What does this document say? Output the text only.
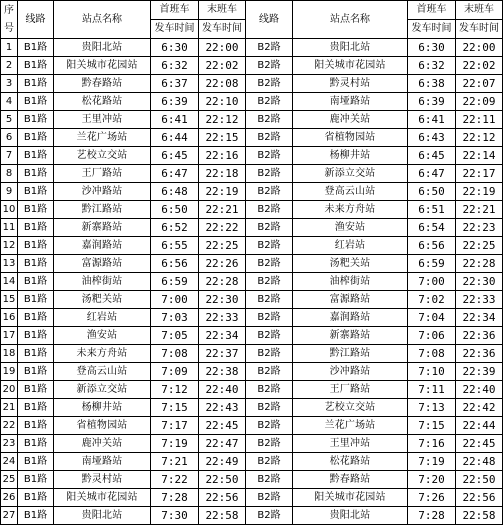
序
号	线路	站点名称	首班车	末班车	线路	站点名称	首班车	末班车
			发车时间	发车时间			发车时间	发车时间
1	B1路	贵阳北站	6:30	22:00	B2路	贵阳北站	6:30	22:00
2	B1路	阳关城市花园站	6:32	22:02	B2路	阳关城市花园站	6:32	22:02
3	B1路	黔春路站	6:37	22:08	B2路	黔灵村站	6:38	22:07
4	B1路	松花路站	6:39	22:10	B2路	南垭路站	6:39	22:09
5	B1路	王里冲站	6:41	22:12	B2路	鹿冲关站	6:41	22:11
6	B1路	兰花广场站	6:44	22:15	B2路	省植物园站	6:43	22:12
7	B1路	艺校立交站	6:45	22:16	B2路	杨柳井站	6:45	22:14
8	B1路	王厂路站	6:47	22:18	B2路	新添立交站	6:47	22:17
9	B1路	沙冲路站	6:48	22:19	B2路	登高云山站	6:50	22:19
10	B1路	黔江路站	6:50	22:21	B2路	未来方舟站	6:51	22:21
11	B1路	新寨路站	6:52	22:22	B2路	渔安站	6:54	22:23
12	B1路	嘉润路站	6:55	22:25	B2路	红岩站	6:56	22:25
13	B1路	富源路站	6:56	22:26	B2路	汤粑关站	6:59	22:28
14	B1路	油榨街站	6:59	22:28	B2路	油榨街站	7:00	22:30
15	B1路	汤粑关站	7:00	22:30	B2路	富源路站	7:02	22:33
16	B1路	红岩站	7:03	22:33	B2路	嘉润路站	7:04	22:34
17	B1路	渔安站	7:05	22:34	B2路	新寨路站	7:06	22:36
18	B1路	未来方舟站	7:08	22:37	B2路	黔江路站	7:08	22:36
19	B1路	登高云山站	7:09	22:38	B2路	沙冲路站	7:10	22:39
20	B1路	新添立交站	7:12	22:40	B2路	王厂路站	7:11	22:40
21	B1路	杨柳井站	7:15	22:43	B2路	艺校立交站	7:13	22:42
22	B1路	省植物园站	7:17	22:45	B2路	兰花广场站	7:15	22:44
23	B1路	鹿冲关站	7:19	22:47	B2路	王里冲站	7:16	22:45
24	B1路	南垭路站	7:21	22:49	B2路	松花路站	7:19	22:48
25	B1路	黔灵村站	7:22	22:50	B2路	黔春路站	7:20	22:50
26	B1路	阳关城市花园站	7:28	22:56	B2路	阳关城市花园站	7:26	22:56
27	B1路	贵阳北站	7:30	22:58	B2路	贵阳北站	7:28	22:58
